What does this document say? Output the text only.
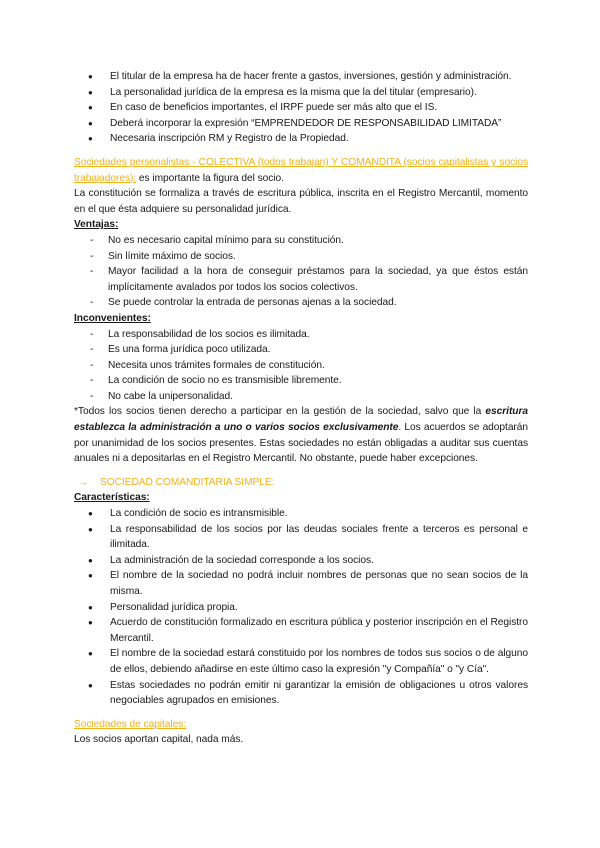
● El titular de la empresa ha de hacer frente a gastos, inversiones, gestión y administración.
● La personalidad jurídica de la empresa es la misma que la del titular (empresario).
● En caso de beneficios importantes, el IRPF puede ser más alto que el IS.
● Deberá incorporar la expresión “EMPRENDEDOR DE RESPONSABILIDAD LIMITADA”
● Necesaria inscripción RM y Registro de la Propiedad.
Sociedades personalistas - COLECTIVA (todos trabajan) Y COMANDITA (socios capitalistas y socios trabajadores): es importante la figura del socio.
La constitución se formaliza a través de escritura pública, inscrita en el Registro Mercantil, momento en el que ésta adquiere su personalidad jurídica.
Ventajas:
- No es necesario capital mínimo para su constitución.
- Sin límite máximo de socios.
- Mayor facilidad a la hora de conseguir préstamos para la sociedad, ya que éstos están implícitamente avalados por todos los socios colectivos.
- Se puede controlar la entrada de personas ajenas a la sociedad.
Inconvenientes:
- La responsabilidad de los socios es ilimitada.
- Es una forma jurídica poco utilizada.
- Necesita unos trámites formales de constitución.
- La condición de socio no es transmisible libremente.
- No cabe la unipersonalidad.
*Todos los socios tienen derecho a participar en la gestión de la sociedad, salvo que la escritura establezca la administración a uno o varios socios exclusivamente. Los acuerdos se adoptarán por unanimidad de los socios presentes. Estas sociedades no están obligadas a auditar sus cuentas anuales ni a depositarlas en el Registro Mercantil. No obstante, puede haber excepciones.
→ SOCIEDAD COMANDITARIA SIMPLE:
Características:
● La condición de socio es intransmisible.
● La responsabilidad de los socios por las deudas sociales frente a terceros es personal e ilimitada.
● La administración de la sociedad corresponde a los socios.
● El nombre de la sociedad no podrá incluir nombres de personas que no sean socios de la misma.
● Personalidad jurídica propia.
● Acuerdo de constitución formalizado en escritura pública y posterior inscripción en el Registro Mercantil.
● El nombre de la sociedad estará constituido por los nombres de todos sus socios o de alguno de ellos, debiendo añadirse en este último caso la expresión "y Compañía" o "y Cía".
● Estas sociedades no podrán emitir ni garantizar la emisión de obligaciones u otros valores negociables agrupados en emisiones.
Sociedades de capitales:
Los socios aportan capital, nada más.
